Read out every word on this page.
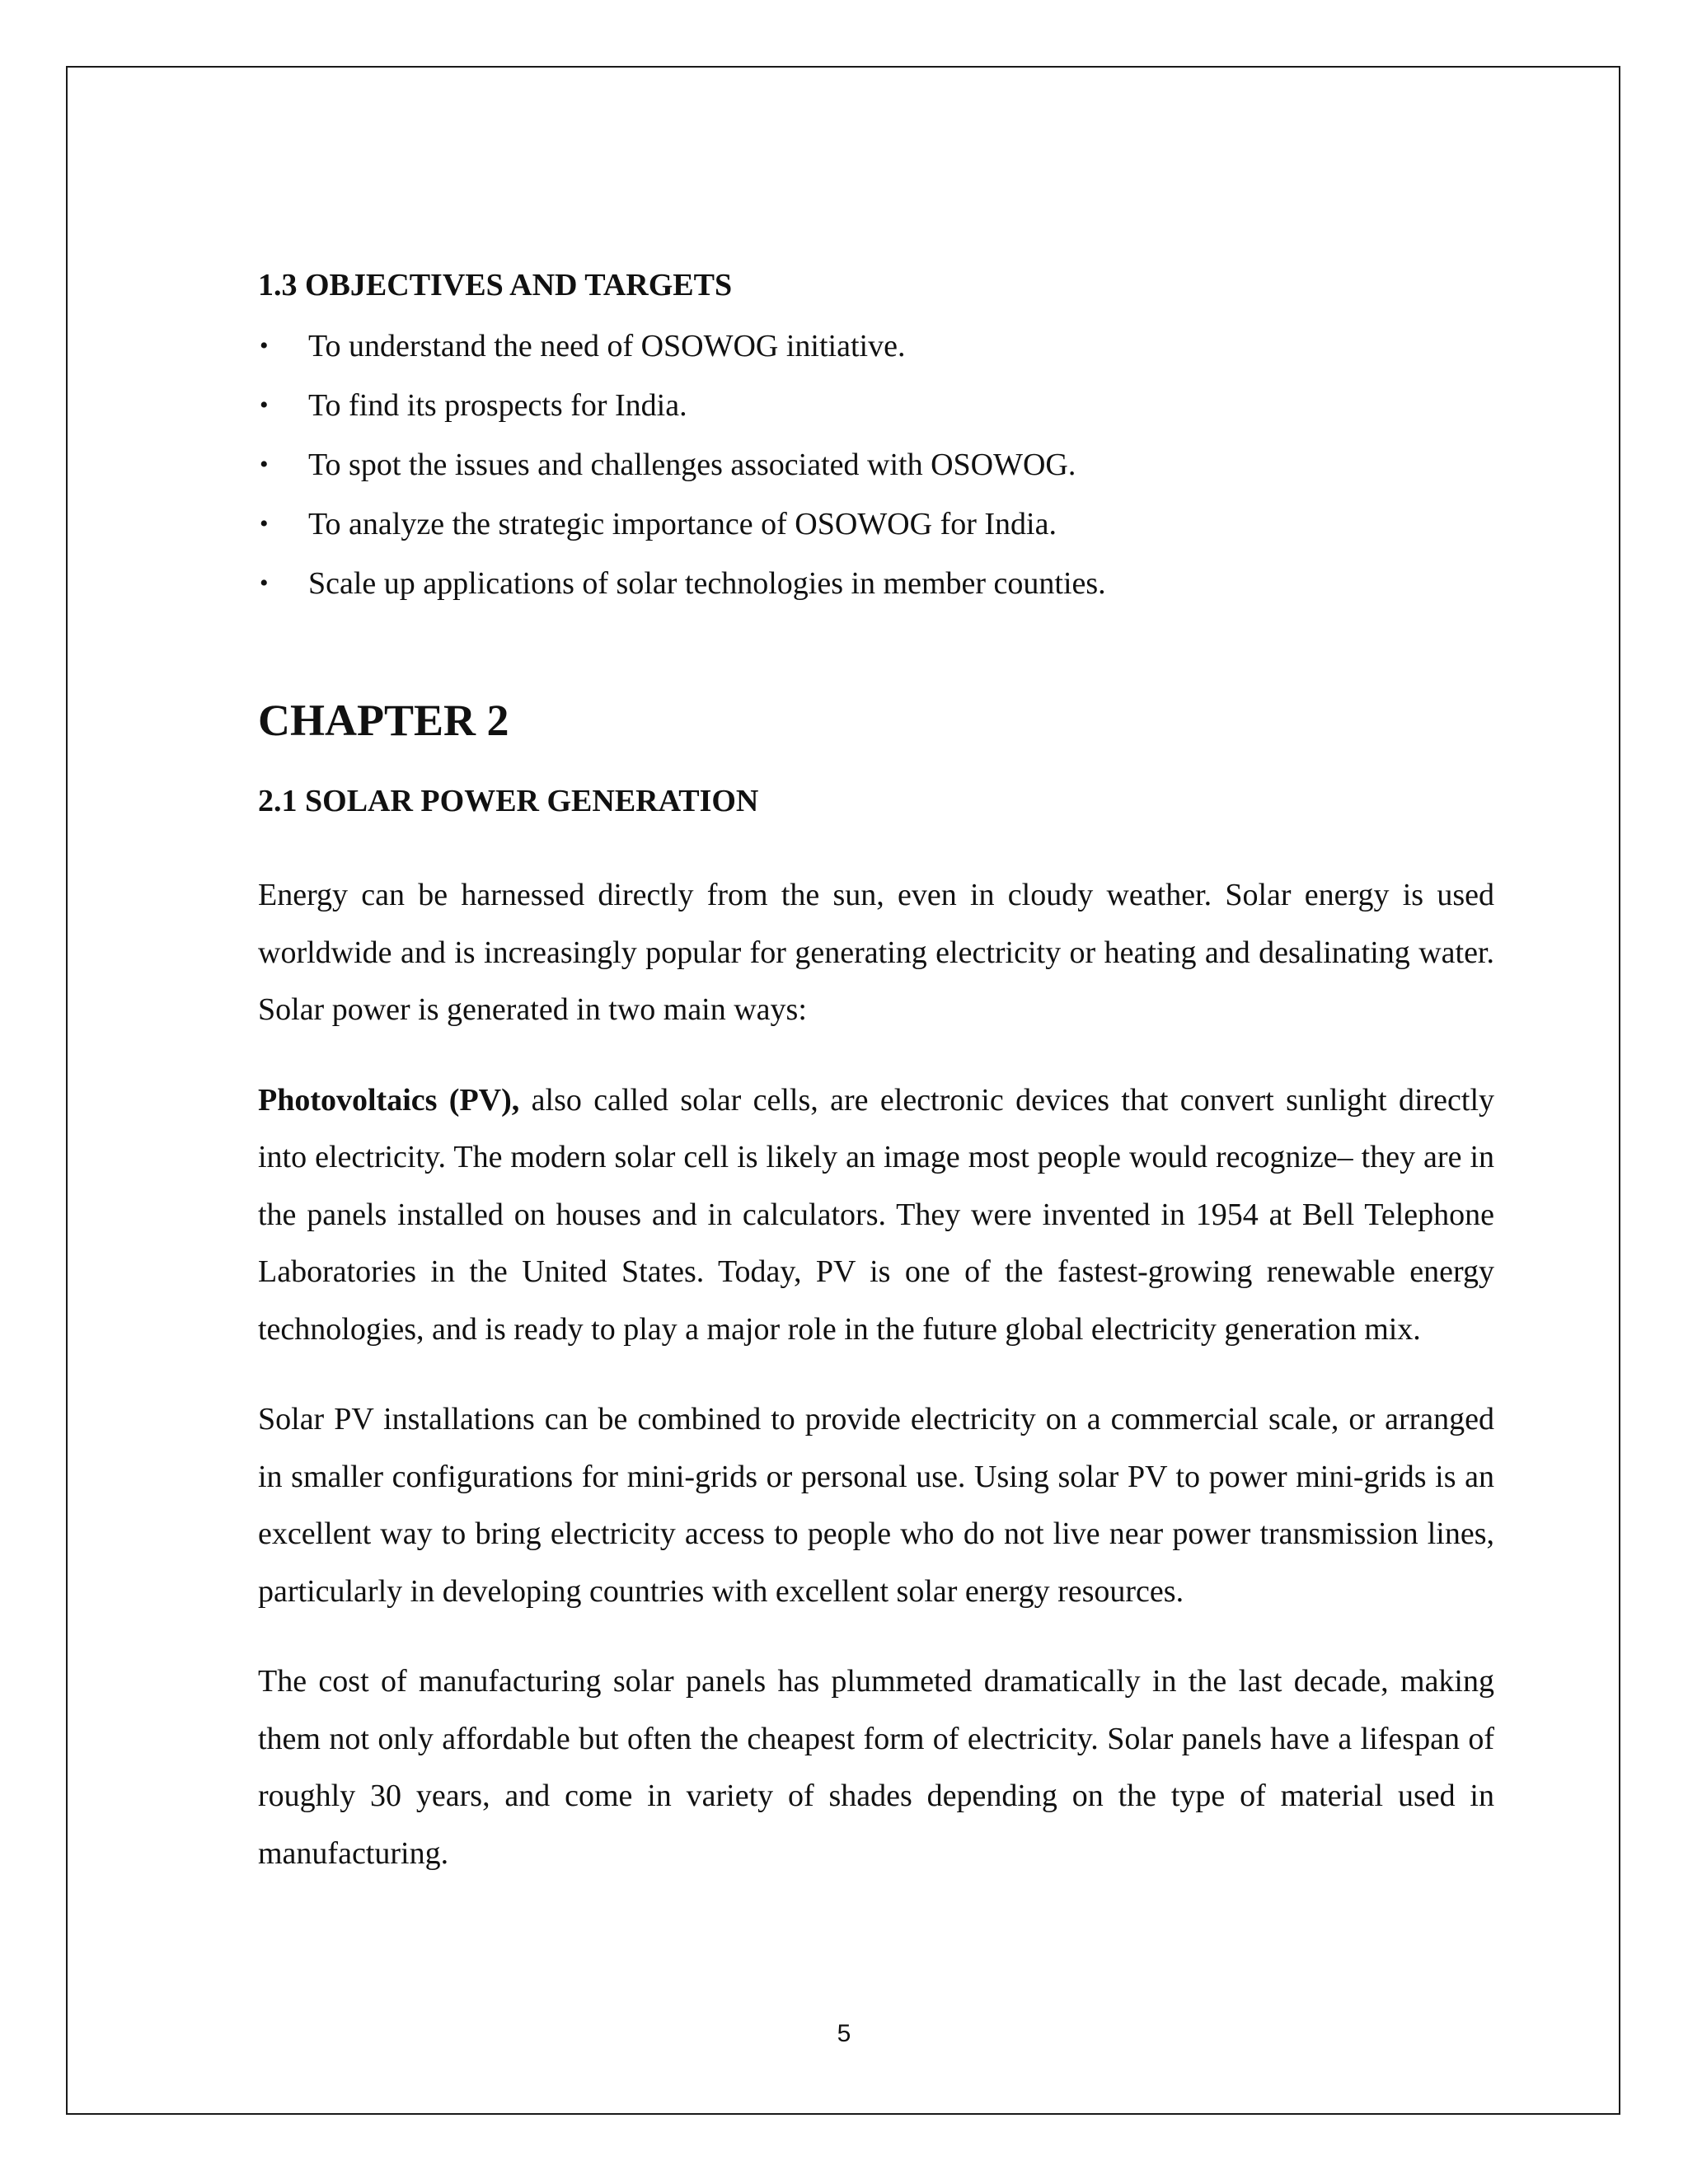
1.3 OBJECTIVES AND TARGETS
• To understand the need of OSOWOG initiative.
• To find its prospects for India.
• To spot the issues and challenges associated with OSOWOG.
• To analyze the strategic importance of OSOWOG for India.
• Scale up applications of solar technologies in member counties.
CHAPTER 2
2.1 SOLAR POWER GENERATION

Energy can be harnessed directly from the sun, even in cloudy weather. Solar energy is used worldwide and is increasingly popular for generating electricity or heating and desalinating water. Solar power is generated in two main ways:

Photovoltaics (PV), also called solar cells, are electronic devices that convert sunlight directly into electricity. The modern solar cell is likely an image most people would recognize– they are in the panels installed on houses and in calculators. They were invented in 1954 at Bell Telephone Laboratories in the United States. Today, PV is one of the fastest-growing renewable energy technologies, and is ready to play a major role in the future global electricity generation mix.

Solar PV installations can be combined to provide electricity on a commercial scale, or arranged in smaller configurations for mini-grids or personal use. Using solar PV to power mini-grids is an excellent way to bring electricity access to people who do not live near power transmission lines, particularly in developing countries with excellent solar energy resources.

The cost of manufacturing solar panels has plummeted dramatically in the last decade, making them not only affordable but often the cheapest form of electricity. Solar panels have a lifespan of roughly 30 years, and come in variety of shades depending on the type of material used in manufacturing.

5
